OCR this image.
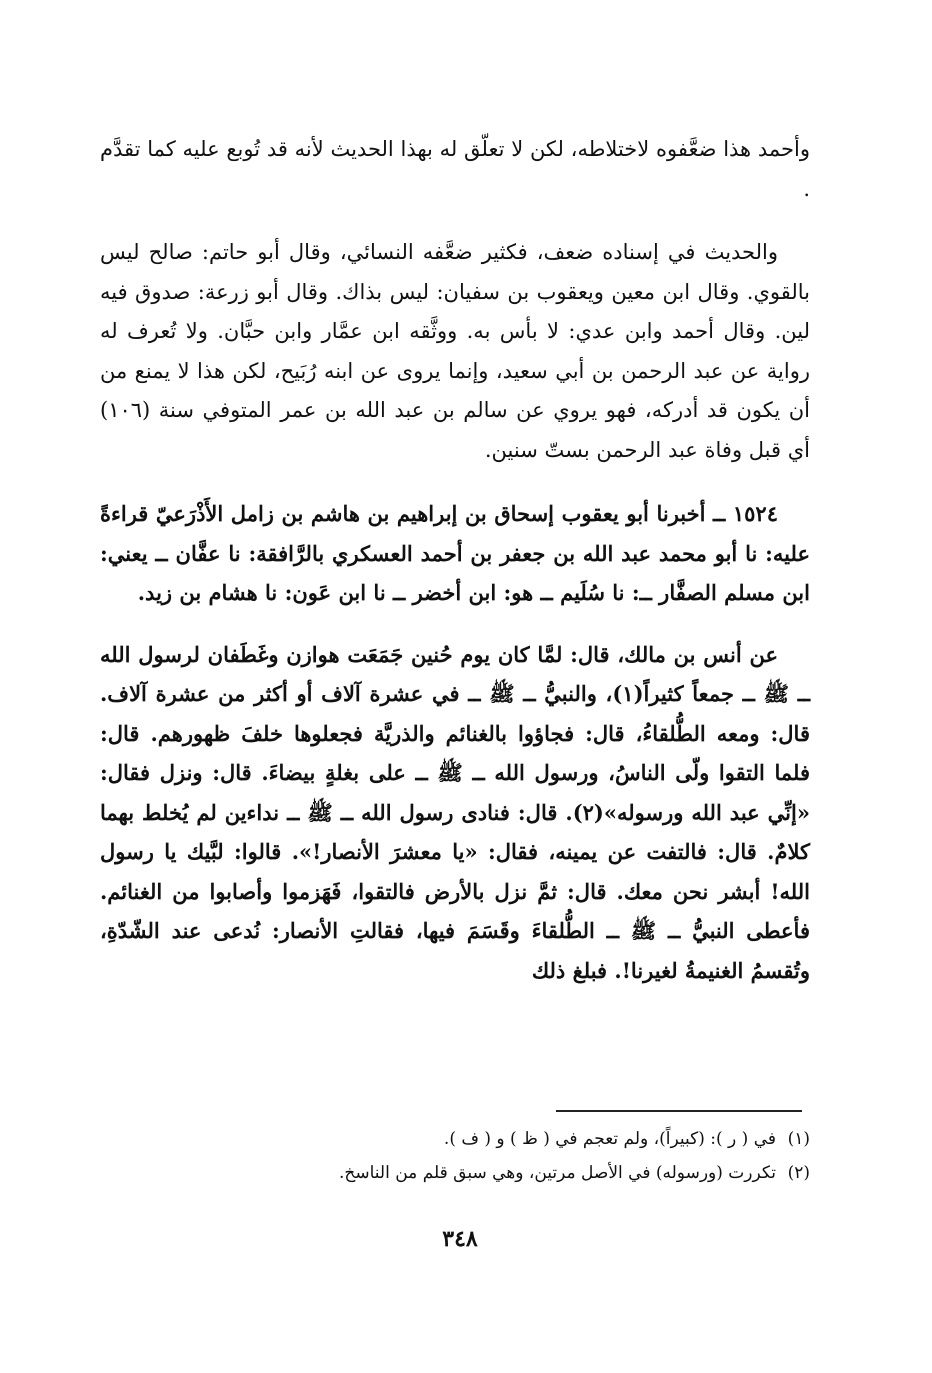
وأحمد هذا ضعَّفوه لاختلاطه، لكن لا تعلّق له بهذا الحديث لأنه قد تُوبع عليه كما تقدَّم .

والحديث في إسناده ضعف، فكثير ضعَّفه النسائي، وقال أبو حاتم: صالح ليس بالقوي. وقال ابن معين ويعقوب بن سفيان: ليس بذاك. وقال أبو زرعة: صدوق فيه لين. وقال أحمد وابن عدي: لا بأس به. ووثَّقه ابن عمَّار وابن حبَّان. ولا تُعرف له رواية عن عبد الرحمن بن أبي سعيد، وإنما يروى عن ابنه رُبَيح، لكن هذا لا يمنع من أن يكون قد أدركه، فهو يروي عن سالم بن عبد الله بن عمر المتوفي سنة (١٠٦) أي قبل وفاة عبد الرحمن بستّ سنين.

١٥٢٤ ــ أخبرنا أبو يعقوب إسحاق بن إبراهيم بن هاشم بن زامل الأَذْرَعيّ قراءةً عليه: نا أبو محمد عبد الله بن جعفر بن أحمد العسكري بالرَّافقة: نا عفَّان ــ يعني: ابن مسلم الصفَّار ــ: نا سُلَيم ــ هو: ابن أخضر ــ نا ابن عَون: نا هشام بن زيد.

عن أنس بن مالك، قال: لمَّا كان يوم حُنين جَمَعَت هوازن وغَطَفان لرسول الله ــ ﷺ ــ جمعاً كثيراً(١)، والنبيُّ ــ ﷺ ــ في عشرة آلاف أو أكثر من عشرة آلاف. قال: ومعه الطُّلقاءُ، قال: فجاؤوا بالغنائم والذريَّة فجعلوها خلفَ ظهورهم. قال: فلما التقوا ولّى الناسُ، ورسول الله ــ ﷺ ــ على بغلةٍ بيضاءَ. قال: ونزل فقال: «إنِّي عبد الله ورسوله»(٢). قال: فنادى رسول الله ــ ﷺ ــ نداءين لم يُخلط بهما كلامٌ. قال: فالتفت عن يمينه، فقال: «يا معشرَ الأنصار!». قالوا: لبَّيك يا رسول الله! أبشر نحن معك. قال: ثمَّ نزل بالأرض فالتقوا، فَهَزموا وأصابوا من الغنائم. فأعطى النبيُّ ــ ﷺ ــ الطُّلقاءَ وقَسَمَ فيها، فقالتِ الأنصار: نُدعى عند الشّدّةِ، وتُقسمُ الغنيمةُ لغيرنا!. فبلغ ذلك

(١)في ( ر ): (كبيراً)، ولم تعجم في ( ظ ) و ( ف ).

(٢)تكررت (ورسوله) في الأصل مرتين، وهي سبق قلم من الناسخ.

٣٤٨
